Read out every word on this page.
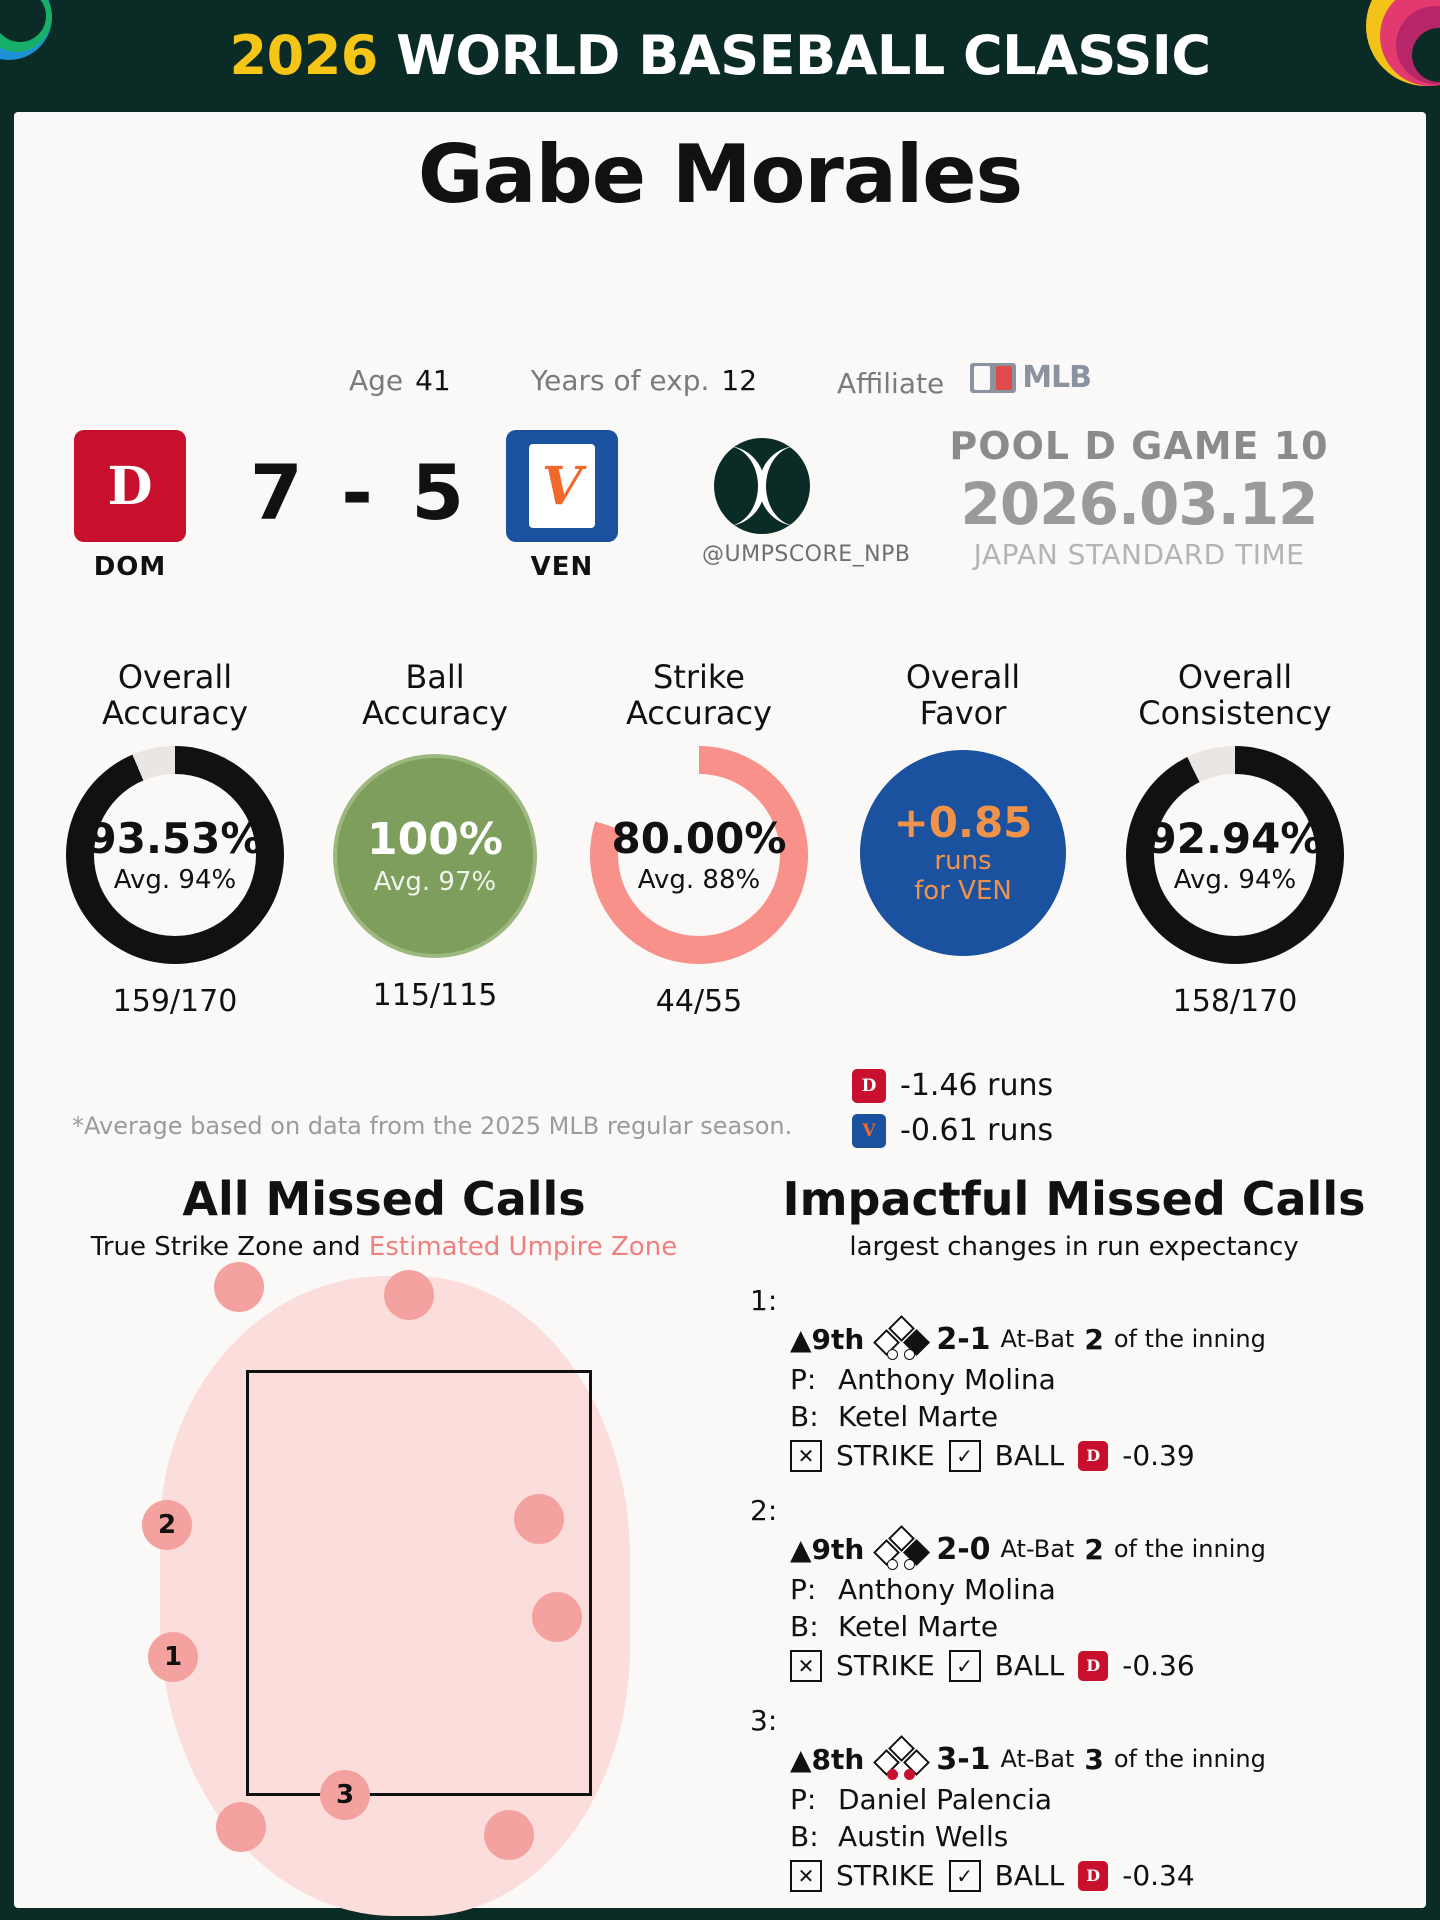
2026 WORLD BASEBALL CLASSIC
Gabe Morales
Age 41	Years of exp. 12	Affiliate	MLB
D
DOM
7 - 5	V
VEN	@UMPSCORE_NPB
POOL D GAME 10
2026.03.12
JAPAN STANDARD TIME
Overall
Accuracy
93.53%
Avg. 94%
159/170
Ball
Accuracy
100%
Avg. 97%
115/115
Strike
Accuracy
80.00%
Avg. 88%
44/55
Overall
Favor
+0.85
runs
for VEN
Overall
Consistency
92.94%
Avg. 94%
158/170
D -1.46 runs
V -0.61 runs
*Average based on data from the 2025 MLB regular season.
All Missed Calls
True Strike Zone and Estimated Umpire Zone
2
1
3
Impactful Missed Calls
largest changes in run expectancy
1:
▲9th 2-1 At-Bat 2 of the inning
P: Anthony Molina
B: Ketel Marte
✕ STRIKE	✓ BALL	D -0.39
2:
▲9th 2-0 At-Bat 2 of the inning
P: Anthony Molina
B: Ketel Marte
✕ STRIKE	✓ BALL	D -0.36
3:
▲8th 3-1 At-Bat 3 of the inning
P: Daniel Palencia
B: Austin Wells
✕ STRIKE	✓ BALL	D -0.34
